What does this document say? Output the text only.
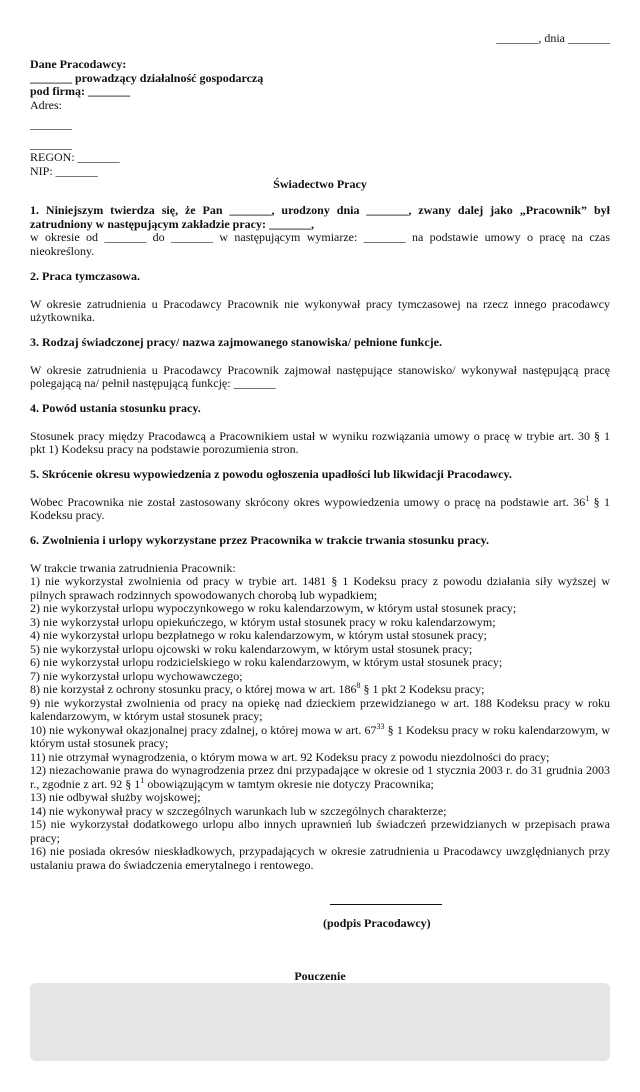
_______, dnia _______

Dane Pracodawcy:

_______ prowadzący działalność gospodarczą

pod firmą: _______

Adres:

_______

_______

REGON: _______

NIP: _______

Świadectwo Pracy

1. Niniejszym twierdza się, że Pan _______, urodzony dnia _______, zwany dalej jako „Pracownik” był zatrudniony w następującym zakładzie pracy: _______,

w okresie od _______ do _______ w następującym wymiarze: _______ na podstawie umowy o pracę na czas nieokreślony.

2. Praca tymczasowa.

W okresie zatrudnienia u Pracodawcy Pracownik nie wykonywał pracy tymczasowej na rzecz innego pracodawcy użytkownika.

3. Rodzaj świadczonej pracy/ nazwa zajmowanego stanowiska/ pełnione funkcje.

W okresie zatrudnienia u Pracodawcy Pracownik zajmował następujące stanowisko/ wykonywał następującą pracę polegającą na/ pełnił następującą funkcję: _______

4. Powód ustania stosunku pracy.

Stosunek pracy między Pracodawcą a Pracownikiem ustał w wyniku rozwiązania umowy o pracę w trybie art. 30 § 1 pkt 1) Kodeksu pracy na podstawie porozumienia stron.

5. Skrócenie okresu wypowiedzenia z powodu ogłoszenia upadłości lub likwidacji Pracodawcy.

Wobec Pracownika nie został zastosowany skrócony okres wypowiedzenia umowy o pracę na podstawie art. $36^1$ § 1 Kodeksu pracy.

6. Zwolnienia i urlopy wykorzystane przez Pracownika w trakcie trwania stosunku pracy.

W trakcie trwania zatrudnienia Pracownik:

1) nie wykorzystał zwolnienia od pracy w trybie art. 1481 § 1 Kodeksu pracy z powodu działania siły wyższej w pilnych sprawach rodzinnych spowodowanych chorobą lub wypadkiem;

2) nie wykorzystał urlopu wypoczynkowego w roku kalendarzowym, w którym ustał stosunek pracy;

3) nie wykorzystał urlopu opiekuńczego, w którym ustał stosunek pracy w roku kalendarzowym;

4) nie wykorzystał urlopu bezpłatnego w roku kalendarzowym, w którym ustał stosunek pracy;

5) nie wykorzystał urlopu ojcowski w roku kalendarzowym, w którym ustał stosunek pracy;

6) nie wykorzystał urlopu rodzicielskiego w roku kalendarzowym, w którym ustał stosunek pracy;

7) nie wykorzystał urlopu wychowawczego;

8) nie korzystał z ochrony stosunku pracy, o której mowa w art. $186^8$ § 1 pkt 2 Kodeksu pracy;

9) nie wykorzystał zwolnienia od pracy na opiekę nad dzieckiem przewidzianego w art. 188 Kodeksu pracy w roku kalendarzowym, w którym ustał stosunek pracy;

10) nie wykonywał okazjonalnej pracy zdalnej, o której mowa w art. $67^{33}$ § 1 Kodeksu pracy w roku kalendarzowym, w którym ustał stosunek pracy;

11) nie otrzymał wynagrodzenia, o którym mowa w art. 92 Kodeksu pracy z powodu niezdolności do pracy;

12) niezachowanie prawa do wynagrodzenia przez dni przypadające w okresie od 1 stycznia 2003 r. do 31 grudnia 2003 r., zgodnie z art. 92 § $1^1$ obowiązującym w tamtym okresie nie dotyczy Pracownika;

13) nie odbywał służby wojskowej;

14) nie wykonywał pracy w szczególnych warunkach lub w szczególnych charakterze;

15) nie wykorzystał dodatkowego urlopu albo innych uprawnień lub świadczeń przewidzianych w przepisach prawa pracy;

16) nie posiada okresów nieskładkowych, przypadających w okresie zatrudnienia u Pracodawcy uwzględnianych przy ustalaniu prawa do świadczenia emerytalnego i rentowego.

(podpis Pracodawcy)
Pouczenie
